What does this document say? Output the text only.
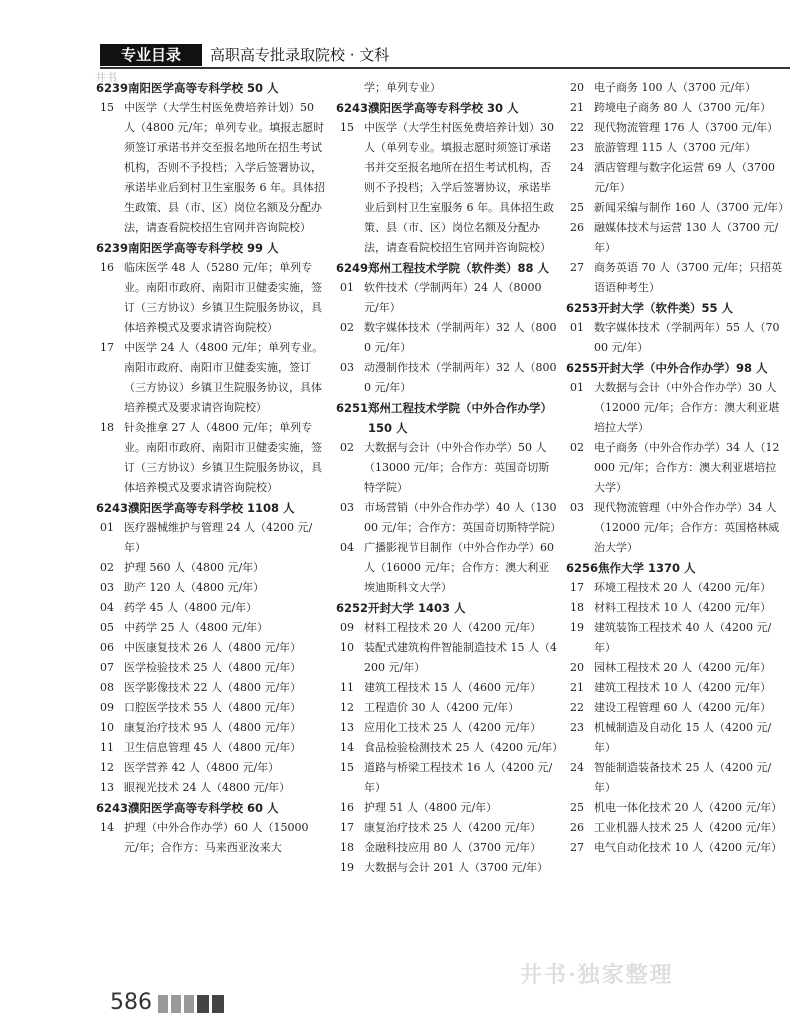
专业目录	高职高专批录取院校 · 文科
井书
6239 南阳医学高等专科学校 50 人
15 中医学（大学生村医免费培养计划）50 人（4800 元/年；单列专业。填报志愿时须签订承诺书并交至报名地所在招生考试机构，否则不予投档；入学后签署协议，承诺毕业后到村卫生室服务 6 年。具体招生政策、县（市、区）岗位名额及分配办法，请查看院校招生官网并咨询院校）
6239 南阳医学高等专科学校 99 人
16 临床医学 48 人（5280 元/年；单列专业。南阳市政府、南阳市卫健委实施，签订（三方协议）乡镇卫生院服务协议，具体培养模式及要求请咨询院校）
17 中医学 24 人（4800 元/年；单列专业。南阳市政府、南阳市卫健委实施，签订（三方协议）乡镇卫生院服务协议，具体培养模式及要求请咨询院校）
18 针灸推拿 27 人（4800 元/年；单列专业。南阳市政府、南阳市卫健委实施，签订（三方协议）乡镇卫生院服务协议，具体培养模式及要求请咨询院校）
6243 濮阳医学高等专科学校 1108 人
01 医疗器械维护与管理 24 人（4200 元/年）
02 护理 560 人（4800 元/年）
03 助产 120 人（4800 元/年）
04 药学 45 人（4800 元/年）
05 中药学 25 人（4800 元/年）
06 中医康复技术 26 人（4800 元/年）
07 医学检验技术 25 人（4800 元/年）
08 医学影像技术 22 人（4800 元/年）
09 口腔医学技术 55 人（4800 元/年）
10 康复治疗技术 95 人（4800 元/年）
11 卫生信息管理 45 人（4800 元/年）
12 医学营养 42 人（4800 元/年）
13 眼视光技术 24 人（4800 元/年）
6243 濮阳医学高等专科学校 60 人
14 护理（中外合作办学）60 人（15000 元/年；合作方：马来西亚汝来大
学；单列专业）
6243 濮阳医学高等专科学校 30 人
15 中医学（大学生村医免费培养计划）30 人（单列专业。填报志愿时须签订承诺书并交至报名地所在招生考试机构，否则不予投档；入学后签署协议，承诺毕业后到村卫生室服务 6 年。具体招生政策、县（市、区）岗位名额及分配办法，请查看院校招生官网并咨询院校）
6249 郑州工程技术学院（软件类）88 人
01 软件技术（学制两年）24 人（8000 元/年）
02 数字媒体技术（学制两年）32 人（8000 元/年）
03 动漫制作技术（学制两年）32 人（8000 元/年）
6251 郑州工程技术学院（中外合作办学）150 人
02 大数据与会计（中外合作办学）50 人（13000 元/年；合作方：英国奇切斯特学院）
03 市场营销（中外合作办学）40 人（13000 元/年；合作方：英国奇切斯特学院）
04 广播影视节目制作（中外合作办学）60 人（16000 元/年；合作方：澳大利亚埃迪斯科文大学）
6252 开封大学 1403 人
09 材料工程技术 20 人（4200 元/年）
10 装配式建筑构件智能制造技术 15 人（4200 元/年）
11 建筑工程技术 15 人（4600 元/年）
12 工程造价 30 人（4200 元/年）
13 应用化工技术 25 人（4200 元/年）
14 食品检验检测技术 25 人（4200 元/年）
15 道路与桥梁工程技术 16 人（4200 元/年）
16 护理 51 人（4800 元/年）
17 康复治疗技术 25 人（4200 元/年）
18 金融科技应用 80 人（3700 元/年）
19 大数据与会计 201 人（3700 元/年）
20 电子商务 100 人（3700 元/年）
21 跨境电子商务 80 人（3700 元/年）
22 现代物流管理 176 人（3700 元/年）
23 旅游管理 115 人（3700 元/年）
24 酒店管理与数字化运营 69 人（3700 元/年）
25 新闻采编与制作 160 人（3700 元/年）
26 融媒体技术与运营 130 人（3700 元/年）
27 商务英语 70 人（3700 元/年；只招英语语种考生）
6253 开封大学（软件类）55 人
01 数字媒体技术（学制两年）55 人（7000 元/年）
6255 开封大学（中外合作办学）98 人
01 大数据与会计（中外合作办学）30 人（12000 元/年；合作方：澳大利亚堪培拉大学）
02 电子商务（中外合作办学）34 人（12000 元/年；合作方：澳大利亚堪培拉大学）
03 现代物流管理（中外合作办学）34 人（12000 元/年；合作方：英国格林威治大学）
6256 焦作大学 1370 人
17 环境工程技术 20 人（4200 元/年）
18 材料工程技术 10 人（4200 元/年）
19 建筑装饰工程技术 40 人（4200 元/年）
20 园林工程技术 20 人（4200 元/年）
21 建筑工程技术 10 人（4200 元/年）
22 建设工程管理 60 人（4200 元/年）
23 机械制造及自动化 15 人（4200 元/年）
24 智能制造装备技术 25 人（4200 元/年）
25 机电一体化技术 20 人（4200 元/年）
26 工业机器人技术 25 人（4200 元/年）
27 电气自动化技术 10 人（4200 元/年）
井书·独家整理
586
